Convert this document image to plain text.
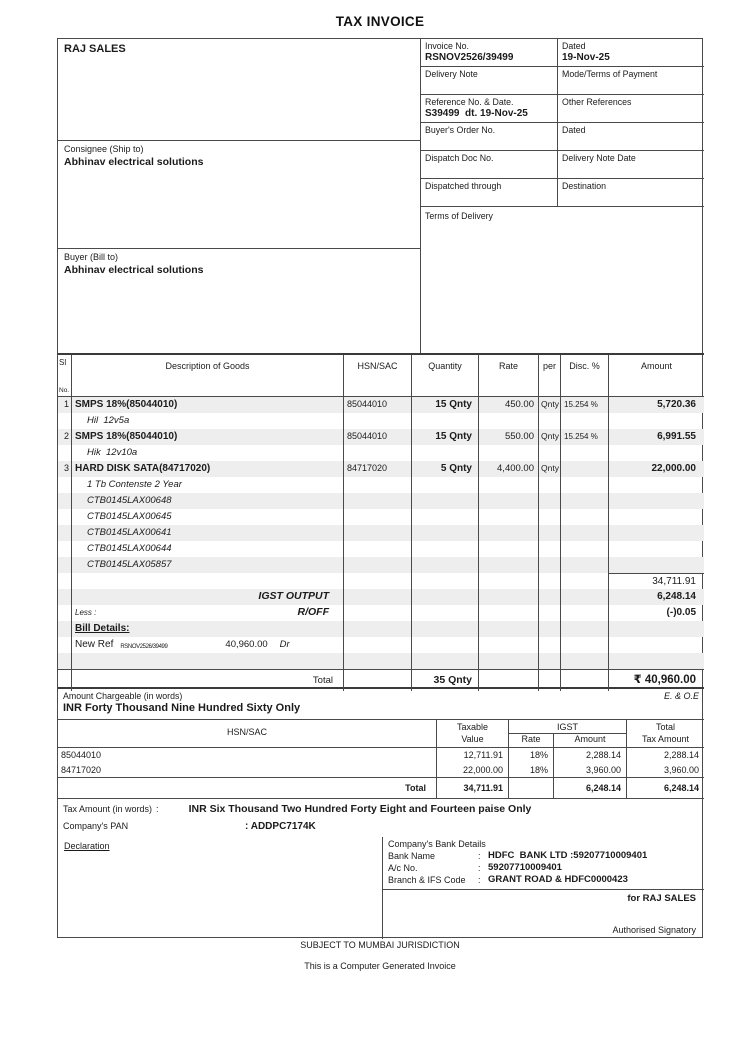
TAX INVOICE
RAJ SALES
Consignee (Ship to)
Abhinav electrical solutions
Buyer (Bill to)
Abhinav electrical solutions
Invoice No.
RSNOV2526/39499
Dated
19-Nov-25
Delivery Note	Mode/Terms of Payment
Reference No. & Date.
S39499  dt. 19-Nov-25
Other References
Buyer's Order No.	Dated
Dispatch Doc No.	Delivery Note Date
Dispatched through	Destination
Terms of Delivery
Sl
No.
Description of Goods	HSN/SAC	Quantity	Rate	per	Disc. %	Amount
1 SMPS 18%(85044010)	85044010	15 Qnty	450.00 Qnty 15.254 %	5,720.36
Hil  12v5a
2 SMPS 18%(85044010)	85044010	15 Qnty	550.00 Qnty 15.254 %	6,991.55
Hik  12v10a
3 HARD DISK SATA(84717020)	84717020	5 Qnty	4,400.00 Qnty	22,000.00
1 Tb Contenste 2 Year
CTB0145LAX00648
CTB0145LAX00645
CTB0145LAX00641
CTB0145LAX00644
CTB0145LAX05857
34,711.91
IGST OUTPUT	6,248.14
Less :	R/OFF	(-)0.05
Bill Details:
New Ref RSNOV2526/39499	40,960.00 Dr
Total	35 Qnty	₹ 40,960.00
Amount Chargeable (in words)	E. & O.E
INR Forty Thousand Nine Hundred Sixty Only
HSN/SAC	Taxable
Value
IGST
Rate	Amount
Total
Tax Amount
85044010	12,711.91	18%	2,288.14	2,288.14
84717020	22,000.00	18%	3,960.00	3,960.00
Total	34,711.91	6,248.14	6,248.14
Tax Amount (in words) :	INR Six Thousand Two Hundred Forty Eight and Fourteen paise Only
Company's PAN	: ADDPC7174K
Declaration	Company's Bank Details
Bank Name	: HDFC  BANK LTD :59207710009401
A/c No.	: 59207710009401
Branch & IFS Code	: GRANT ROAD & HDFC0000423
for RAJ SALES
Authorised Signatory
SUBJECT TO MUMBAI JURISDICTION
This is a Computer Generated Invoice
